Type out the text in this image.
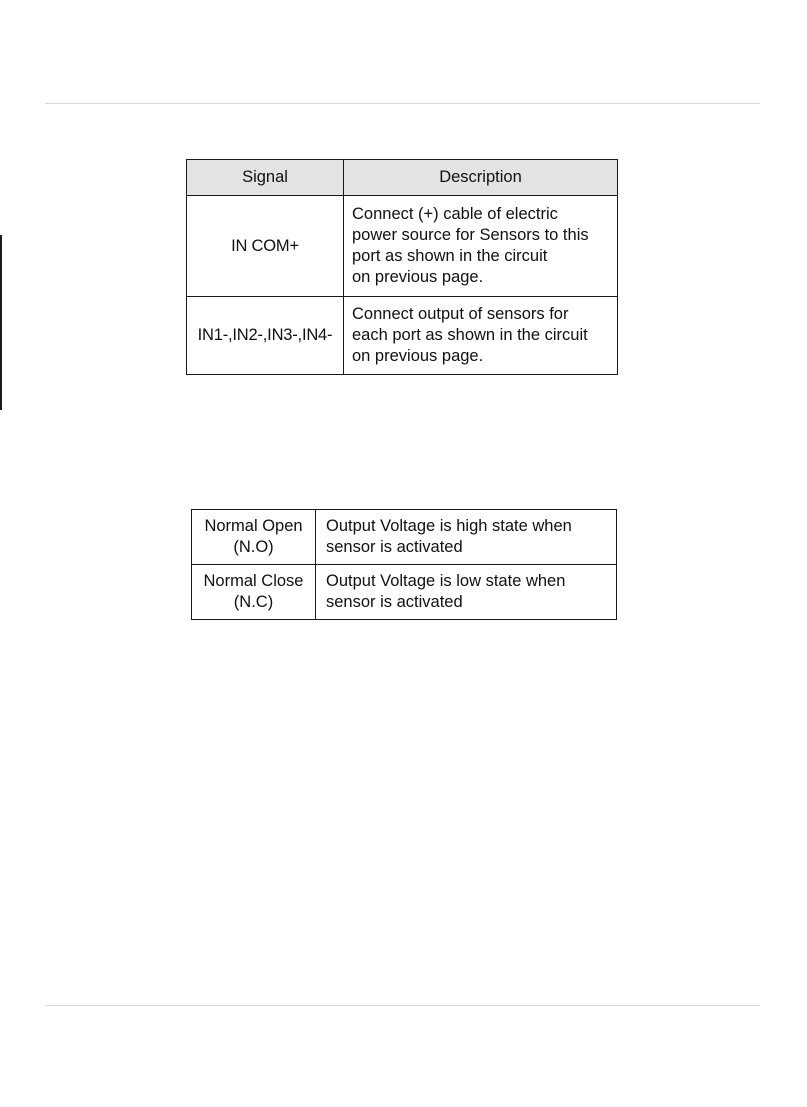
Signal	Description
IN COM+	Connect (+) cable of electric
power source for Sensors to this
port as shown in the circuit
on previous page.

IN1-,IN2-,IN3-,IN4-	Connect output of sensors for
each port as shown in the circuit
on previous page.
Normal Open
(N.O)	Output Voltage is high state when
sensor is activated

Normal Close
(N.C)	Output Voltage is low state when
sensor is activated
